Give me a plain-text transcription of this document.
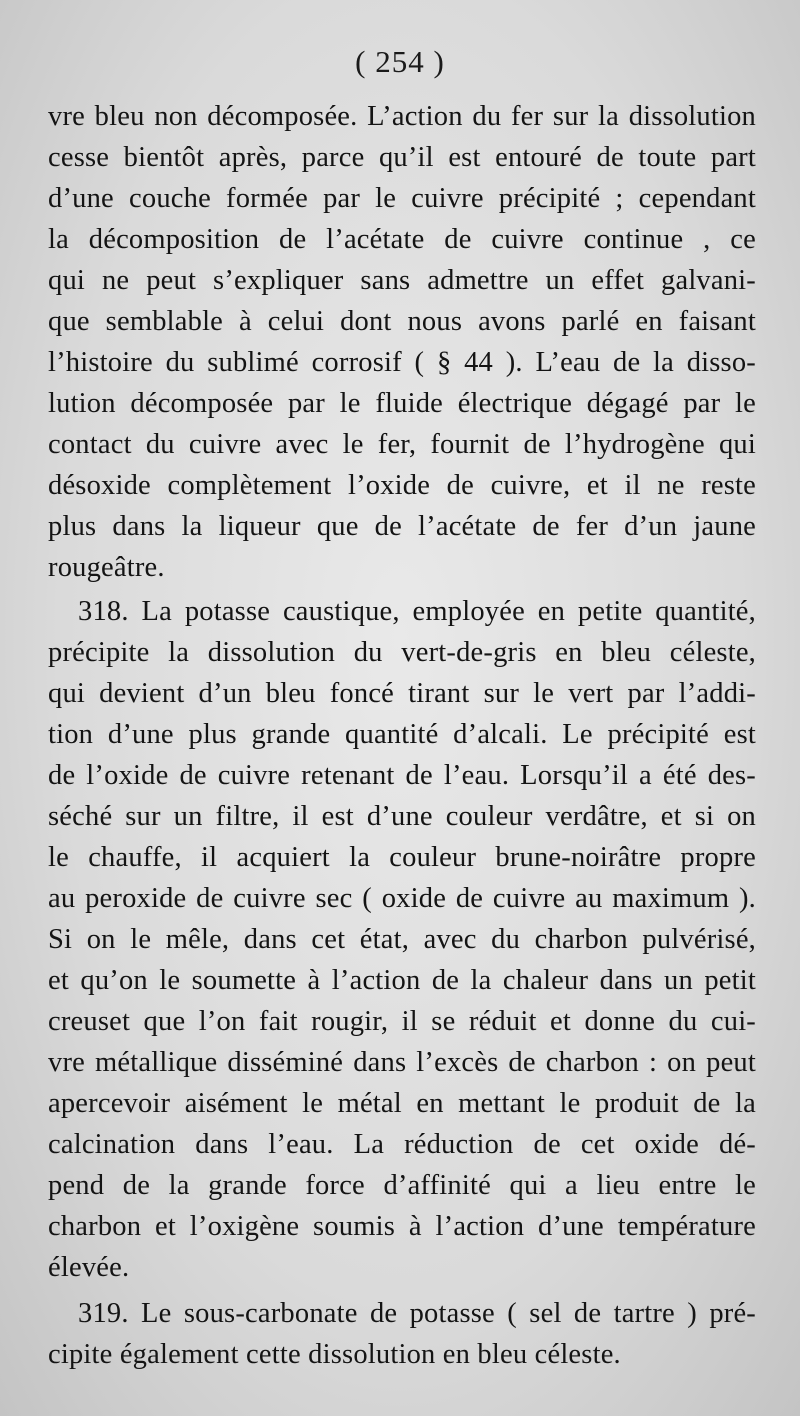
( 254 )
vre bleu non décomposée. L’action du fer sur la dissolution
cesse bientôt après, parce qu’il est entouré de toute part
d’une couche formée par le cuivre précipité ; cependant
la décomposition de l’acétate de cuivre continue , ce
qui ne peut s’expliquer sans admettre un effet galvani-
que semblable à celui dont nous avons parlé en faisant
l’histoire du sublimé corrosif ( § 44 ). L’eau de la disso-
lution décomposée par le fluide électrique dégagé par le
contact du cuivre avec le fer, fournit de l’hydrogène qui
désoxide complètement l’oxide de cuivre, et il ne reste
plus dans la liqueur que de l’acétate de fer d’un jaune
rougeâtre.
318. La potasse caustique, employée en petite quantité,
précipite la dissolution du vert-de-gris en bleu céleste,
qui devient d’un bleu foncé tirant sur le vert par l’addi-
tion d’une plus grande quantité d’alcali. Le précipité est
de l’oxide de cuivre retenant de l’eau. Lorsqu’il a été des-
séché sur un filtre, il est d’une couleur verdâtre, et si on
le chauffe, il acquiert la couleur brune-noirâtre propre
au peroxide de cuivre sec ( oxide de cuivre au maximum ).
Si on le mêle, dans cet état, avec du charbon pulvérisé,
et qu’on le soumette à l’action de la chaleur dans un petit
creuset que l’on fait rougir, il se réduit et donne du cui-
vre métallique disséminé dans l’excès de charbon : on peut
apercevoir aisément le métal en mettant le produit de la
calcination dans l’eau. La réduction de cet oxide dé-
pend de la grande force d’affinité qui a lieu entre le
charbon et l’oxigène soumis à l’action d’une température
élevée.
319. Le sous-carbonate de potasse ( sel de tartre ) pré-
cipite également cette dissolution en bleu céleste.
